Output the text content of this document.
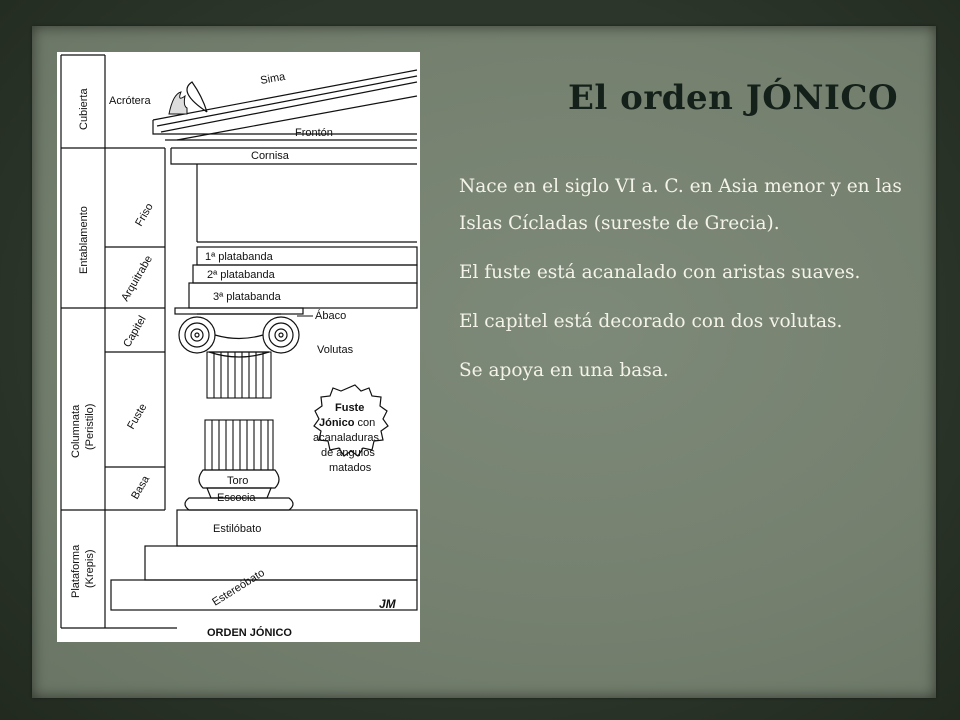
Cubierta
Entablamento
Columnata (Peristilo)
Plataforma (Krepis)
Friso
Arquitrabe
Capitel
Fuste
Basa
Sima
Acrótera
Frontón
Cornisa
1ª platabanda
2ª platabanda
3ª platabanda
Ábaco
Volutas
Toro
Escocia
Fuste
Jónico con
acanaladuras
de ángulos
matados
Estilóbato
Estereóbato	JM
ORDEN JÓNICO
El orden JÓNICO

Nace en el siglo VI a. C. en Asia menor y en las Islas Cícladas (sureste de Grecia).

El fuste está acanalado con aristas suaves.

El capitel está decorado con dos volutas.

Se apoya en una basa.
